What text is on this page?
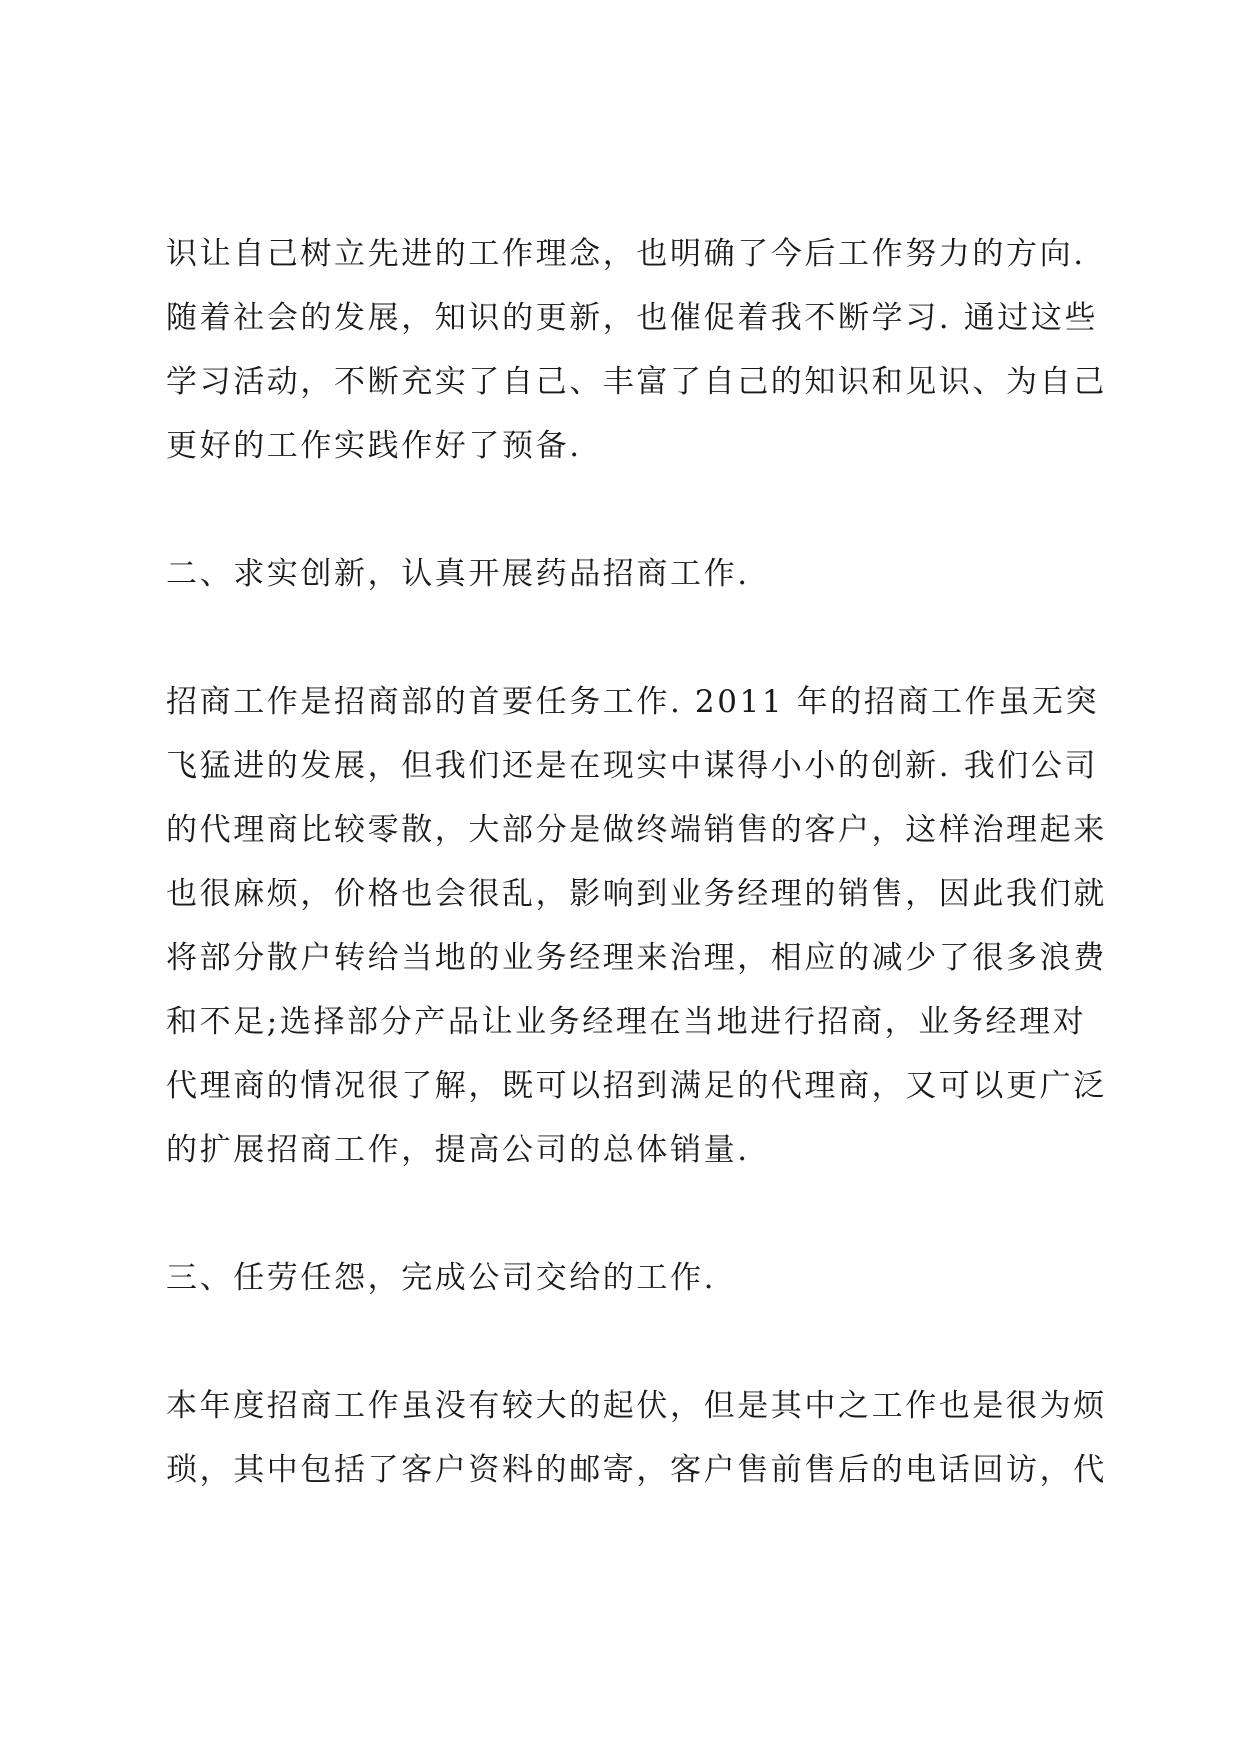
识让自己树立先进的工作理念，也明确了今后工作努力的方向.
随着社会的发展，知识的更新，也催促着我不断学习. 通过这些
学习活动，不断充实了自己、丰富了自己的知识和见识、为自己
更好的工作实践作好了预备.
二、求实创新，认真开展药品招商工作.
招商工作是招商部的首要任务工作. 2011 年的招商工作虽无突
飞猛进的发展，但我们还是在现实中谋得小小的创新. 我们公司
的代理商比较零散，大部分是做终端销售的客户，这样治理起来
也很麻烦，价格也会很乱，影响到业务经理的销售，因此我们就
将部分散户转给当地的业务经理来治理，相应的减少了很多浪费
和不足;选择部分产品让业务经理在当地进行招商，业务经理对
代理商的情况很了解，既可以招到满足的代理商，又可以更广泛
的扩展招商工作，提高公司的总体销量.
三、任劳任怨，完成公司交给的工作.
本年度招商工作虽没有较大的起伏，但是其中之工作也是很为烦
琐，其中包括了客户资料的邮寄，客户售前售后的电话回访，代
